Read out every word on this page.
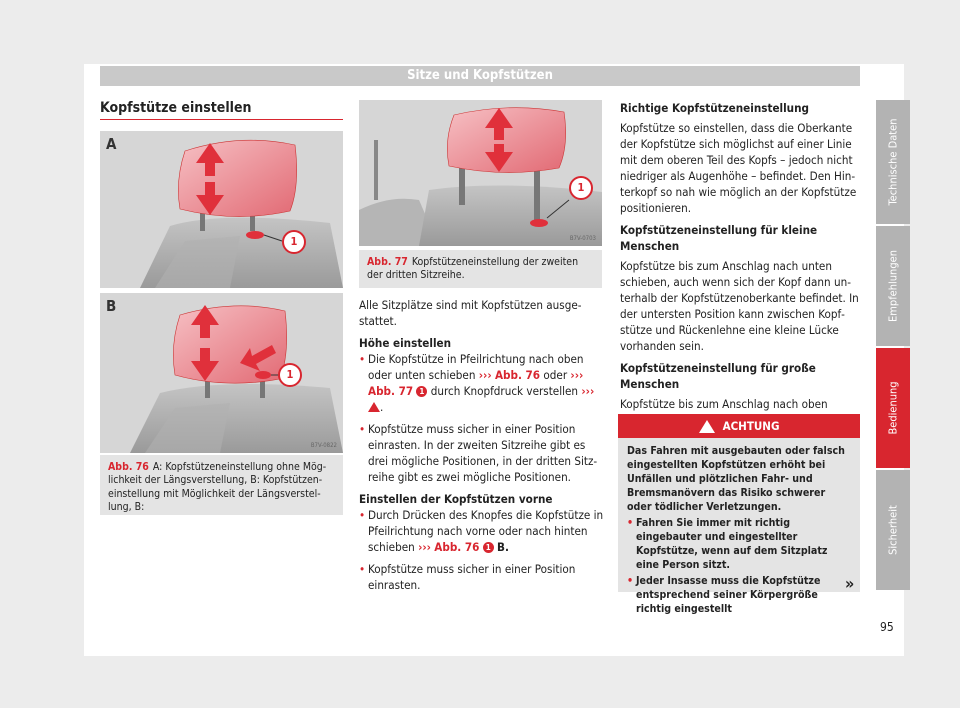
Sitze und Kopfstützen
Kopfstütze einstellen
A
1
B
1
B7V-0822
Abb. 76 A: Kopfstützeneinstellung ohne Möglichkeit der Längsverstellung, B: Kopfstützeneinstellung mit Möglichkeit der Längsverstellung, B:
1
B7V-0703
Abb. 77 Kopfstützeneinstellung der zweiten der dritten Sitzreihe.

Alle Sitzplätze sind mit Kopfstützen ausgestattet.

Höhe einstellen

• Die Kopfstütze in Pfeilrichtung nach oben oder unten schieben ››› Abb. 76 oder ››› Abb. 77 1 durch Knopfdruck verstellen ››› .

• Kopfstütze muss sicher in einer Position einrasten. In der zweiten Sitzreihe gibt es drei mögliche Positionen, in der dritten Sitzreihe gibt es zwei mögliche Positionen.

Einstellen der Kopfstützen vorne

• Durch Drücken des Knopfes die Kopfstütze in Pfeilrichtung nach vorne oder nach hinten schieben ››› Abb. 76 1 B.

• Kopfstütze muss sicher in einer Position einrasten.

Richtige Kopfstützeneinstellung

Kopfstütze so einstellen, dass die Oberkante der Kopfstütze sich möglichst auf einer Linie mit dem oberen Teil des Kopfs – jedoch nicht niedriger als Augenhöhe – befindet. Den Hinterkopf so nah wie möglich an der Kopfstütze positionieren.

Kopfstützeneinstellung für kleine Menschen

Kopfstütze bis zum Anschlag nach unten schieben, auch wenn sich der Kopf dann unterhalb der Kopfstützenoberkante befindet. In der untersten Position kann zwischen Kopfstütze und Rückenlehne eine kleine Lücke vorhanden sein.

Kopfstützeneinstellung für große Menschen

Kopfstütze bis zum Anschlag nach oben

ACHTUNG

Das Fahren mit ausgebauten oder falsch eingestellten Kopfstützen erhöht bei Unfällen und plötzlichen Fahr- und Bremsmanövern das Risiko schwerer oder tödlicher Verletzungen.

• Fahren Sie immer mit richtig eingebauter und eingestellter Kopfstütze, wenn auf dem Sitzplatz eine Person sitzt.

• Jeder Insasse muss die Kopfstütze entsprechend seiner Körpergröße richtig eingestellt

»
Technische Daten
Empfehlungen
Bedienung
Sicherheit
95
